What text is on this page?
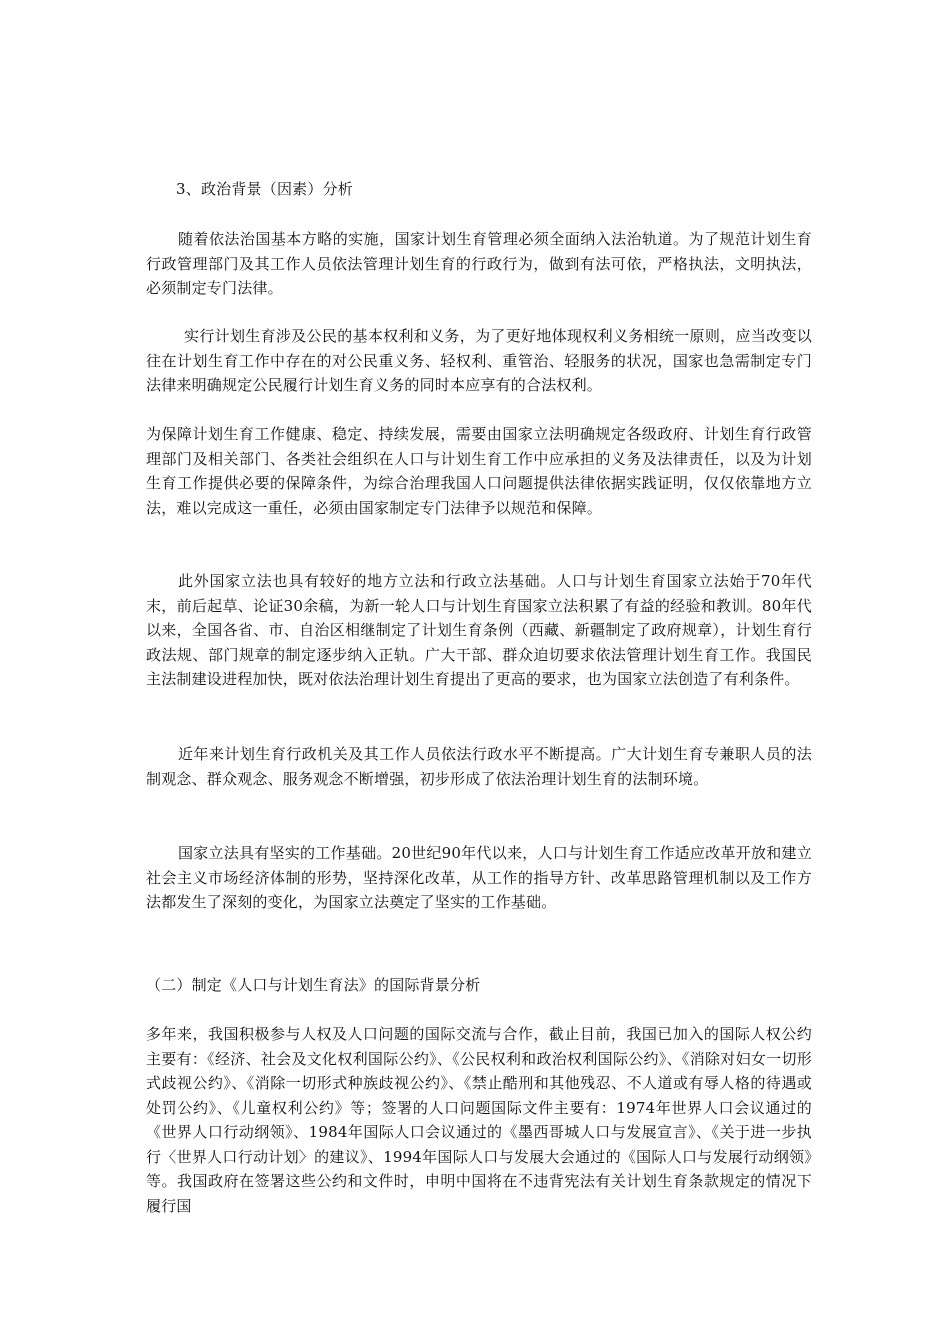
3、政治背景（因素）分析

随着依法治国基本方略的实施，国家计划生育管理必须全面纳入法治轨道。为了规范计划生育行政管理部门及其工作人员依法管理计划生育的行政行为，做到有法可依，严格执法，文明执法，必须制定专门法律。

实行计划生育涉及公民的基本权利和义务，为了更好地体现权利义务相统一原则，应当改变以往在计划生育工作中存在的对公民重义务、轻权利、重管治、轻服务的状况，国家也急需制定专门法律来明确规定公民履行计划生育义务的同时本应享有的合法权利。

为保障计划生育工作健康、稳定、持续发展，需要由国家立法明确规定各级政府、计划生育行政管理部门及相关部门、各类社会组织在人口与计划生育工作中应承担的义务及法律责任，以及为计划生育工作提供必要的保障条件，为综合治理我国人口问题提供法律依据实践证明，仅仅依靠地方立法，难以完成这一重任，必须由国家制定专门法律予以规范和保障。

此外国家立法也具有较好的地方立法和行政立法基础。人口与计划生育国家立法始于70年代末，前后起草、论证30余稿，为新一轮人口与计划生育国家立法积累了有益的经验和教训。80年代以来，全国各省、市、自治区相继制定了计划生育条例（西藏、新疆制定了政府规章），计划生育行政法规、部门规章的制定逐步纳入正轨。广大干部、群众迫切要求依法管理计划生育工作。我国民主法制建设进程加快，既对依法治理计划生育提出了更高的要求，也为国家立法创造了有利条件。

近年来计划生育行政机关及其工作人员依法行政水平不断提高。广大计划生育专兼职人员的法制观念、群众观念、服务观念不断增强，初步形成了依法治理计划生育的法制环境。

国家立法具有坚实的工作基础。20世纪90年代以来，人口与计划生育工作适应改革开放和建立社会主义市场经济体制的形势，坚持深化改革，从工作的指导方针、改革思路管理机制以及工作方法都发生了深刻的变化，为国家立法奠定了坚实的工作基础。

（二）制定《人口与计划生育法》的国际背景分析

多年来，我国积极参与人权及人口问题的国际交流与合作，截止目前，我国已加入的国际人权公约主要有：《经济、社会及文化权利国际公约》、《公民权利和政治权利国际公约》、《消除对妇女一切形式歧视公约》、《消除一切形式种族歧视公约》、《禁止酷刑和其他残忍、不人道或有辱人格的待遇或处罚公约》、《儿童权利公约》等；签署的人口问题国际文件主要有：1974年世界人口会议通过的《世界人口行动纲领》、1984年国际人口会议通过的《墨西哥城人口与发展宣言》、《关于进一步执行〈世界人口行动计划〉的建议》、1994年国际人口与发展大会通过的《国际人口与发展行动纲领》等。我国政府在签署这些公约和文件时，申明中国将在不违背宪法有关计划生育条款规定的情况下履行国
